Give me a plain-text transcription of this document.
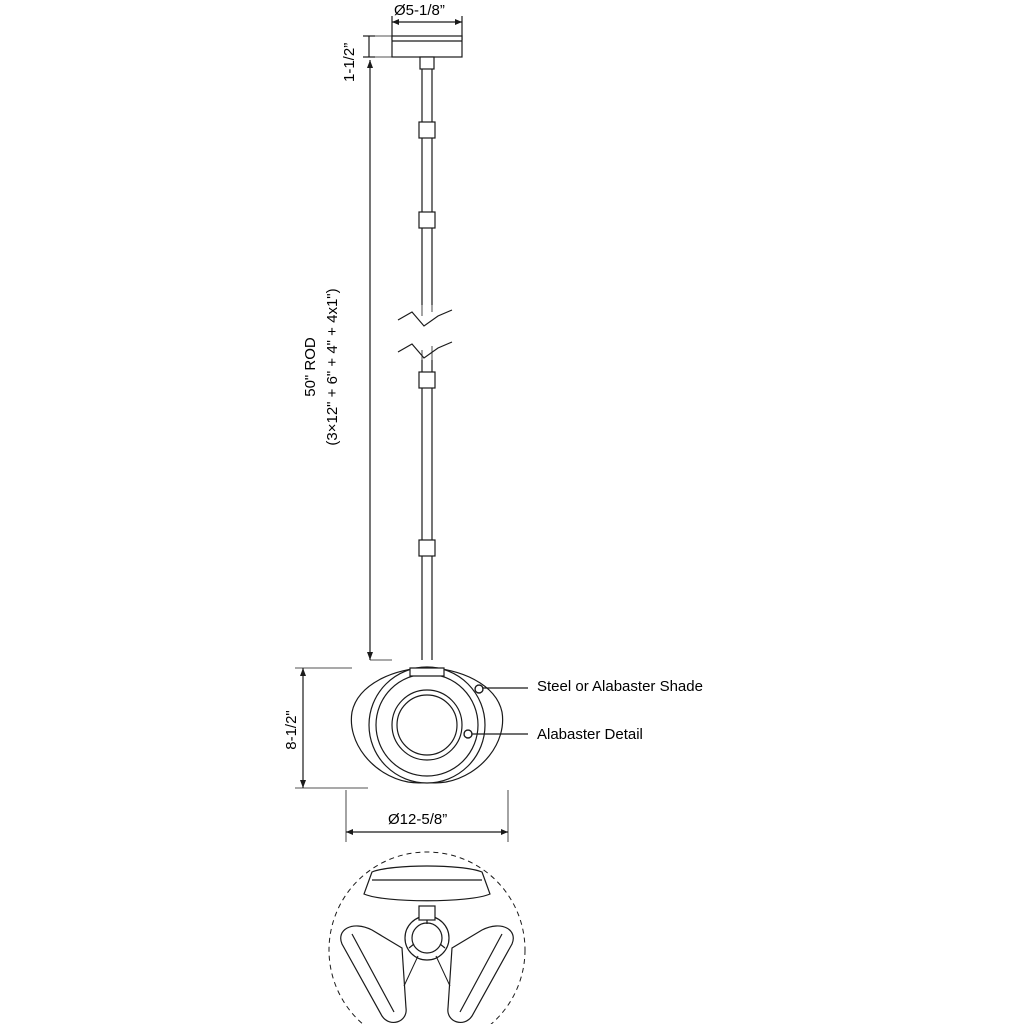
Ø5-1/8”
1-1/2”
50" ROD (3×12" + 6" + 4" + 4x1")
8-1/2"
Ø12-5/8”
Steel or Alabaster Shade
Alabaster Detail
